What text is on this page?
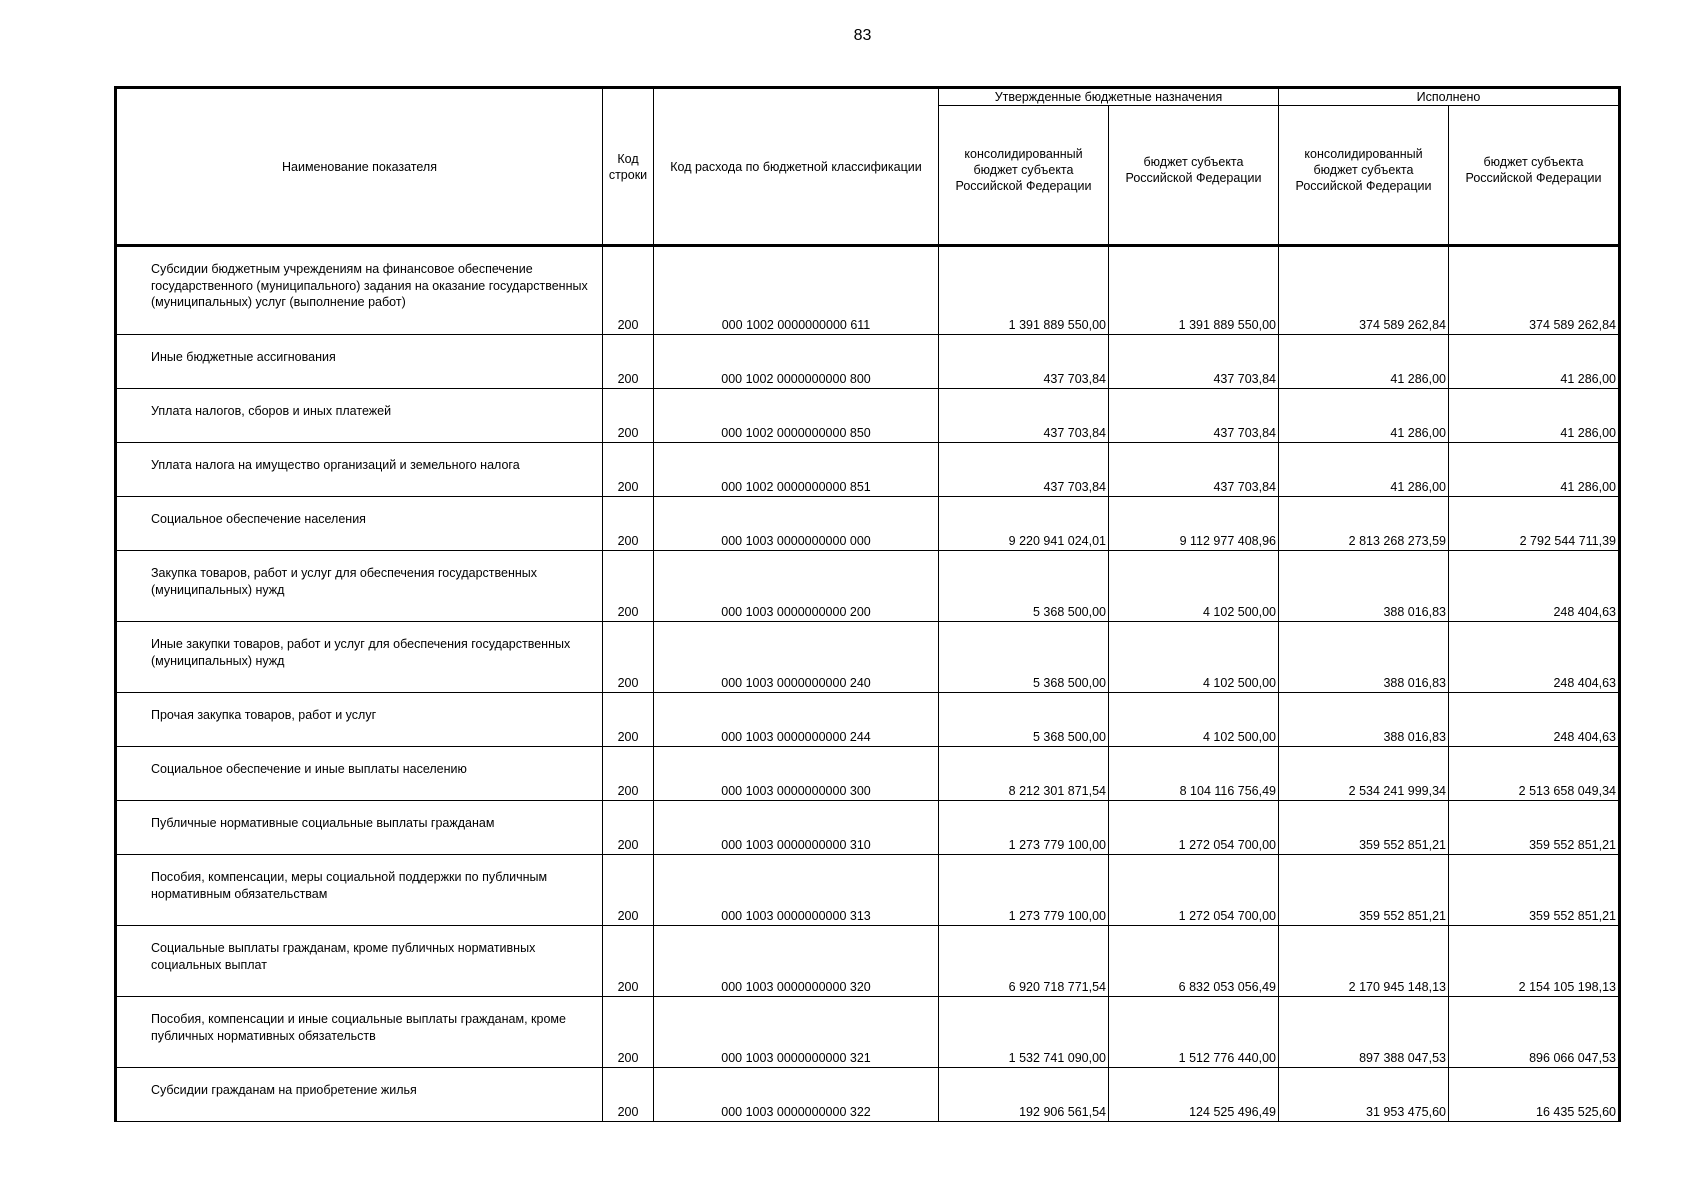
83
Наименование показателя	Код строки	Код расхода по бюджетной классификации	Утвержденные бюджетные назначения		Исполнено	
			консолидированный бюджет субъекта Российской Федерации	бюджет субъекта Российской Федерации	консолидированный бюджет субъекта Российской Федерации	бюджет субъекта Российской Федерации
Субсидии бюджетным учреждениям на финансовое обеспечение государственного (муниципального) задания на оказание государственных (муниципальных) услуг (выполнение работ)	200	000 1002 0000000000 611	1 391 889 550,00	1 391 889 550,00	374 589 262,84	374 589 262,84
Иные бюджетные ассигнования	200	000 1002 0000000000 800	437 703,84	437 703,84	41 286,00	41 286,00
Уплата налогов, сборов и иных платежей	200	000 1002 0000000000 850	437 703,84	437 703,84	41 286,00	41 286,00
Уплата налога на имущество организаций и земельного налога	200	000 1002 0000000000 851	437 703,84	437 703,84	41 286,00	41 286,00
Социальное обеспечение населения	200	000 1003 0000000000 000	9 220 941 024,01	9 112 977 408,96	2 813 268 273,59	2 792 544 711,39
Закупка товаров, работ и услуг для обеспечения государственных (муниципальных) нужд	200	000 1003 0000000000 200	5 368 500,00	4 102 500,00	388 016,83	248 404,63
Иные закупки товаров, работ и услуг для обеспечения государственных (муниципальных) нужд	200	000 1003 0000000000 240	5 368 500,00	4 102 500,00	388 016,83	248 404,63
Прочая закупка товаров, работ и услуг	200	000 1003 0000000000 244	5 368 500,00	4 102 500,00	388 016,83	248 404,63
Социальное обеспечение и иные выплаты населению	200	000 1003 0000000000 300	8 212 301 871,54	8 104 116 756,49	2 534 241 999,34	2 513 658 049,34
Публичные нормативные социальные выплаты гражданам	200	000 1003 0000000000 310	1 273 779 100,00	1 272 054 700,00	359 552 851,21	359 552 851,21
Пособия, компенсации, меры социальной поддержки по публичным нормативным обязательствам	200	000 1003 0000000000 313	1 273 779 100,00	1 272 054 700,00	359 552 851,21	359 552 851,21
Социальные выплаты гражданам, кроме публичных нормативных социальных выплат	200	000 1003 0000000000 320	6 920 718 771,54	6 832 053 056,49	2 170 945 148,13	2 154 105 198,13
Пособия, компенсации и иные социальные выплаты гражданам, кроме публичных нормативных обязательств	200	000 1003 0000000000 321	1 532 741 090,00	1 512 776 440,00	897 388 047,53	896 066 047,53
Субсидии гражданам на приобретение жилья	200	000 1003 0000000000 322	192 906 561,54	124 525 496,49	31 953 475,60	16 435 525,60
